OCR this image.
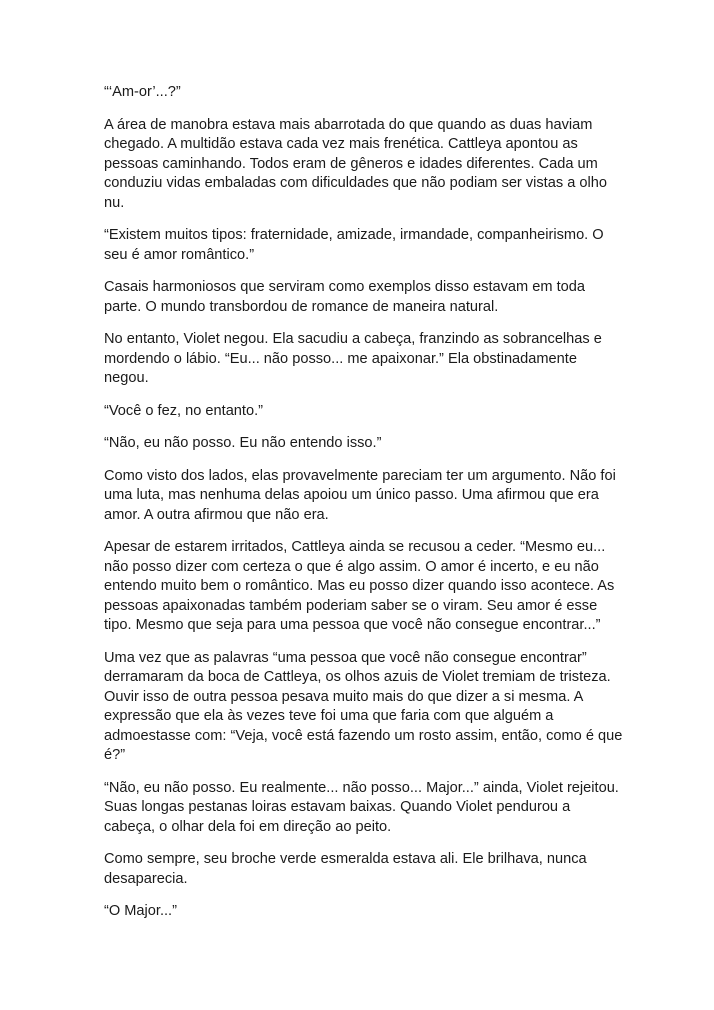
“‘Am-or’...?”

A área de manobra estava mais abarrotada do que quando as duas haviam chegado. A multidão estava cada vez mais frenética. Cattleya apontou as pessoas caminhando. Todos eram de gêneros e idades diferentes. Cada um conduziu vidas embaladas com dificuldades que não podiam ser vistas a olho nu.

“Existem muitos tipos: fraternidade, amizade, irmandade, companheirismo. O seu é amor romântico.”

Casais harmoniosos que serviram como exemplos disso estavam em toda parte. O mundo transbordou de romance de maneira natural.

No entanto, Violet negou. Ela sacudiu a cabeça, franzindo as sobrancelhas e mordendo o lábio. “Eu... não posso... me apaixonar.” Ela obstinadamente negou.

“Você o fez, no entanto.”

“Não, eu não posso. Eu não entendo isso.”

Como visto dos lados, elas provavelmente pareciam ter um argumento. Não foi uma luta, mas nenhuma delas apoiou um único passo. Uma afirmou que era amor. A outra afirmou que não era.

Apesar de estarem irritados, Cattleya ainda se recusou a ceder. “Mesmo eu... não posso dizer com certeza o que é algo assim. O amor é incerto, e eu não entendo muito bem o romântico. Mas eu posso dizer quando isso acontece. As pessoas apaixonadas também poderiam saber se o viram. Seu amor é esse tipo. Mesmo que seja para uma pessoa que você não consegue encontrar...”

Uma vez que as palavras “uma pessoa que você não consegue encontrar” derramaram da boca de Cattleya, os olhos azuis de Violet tremiam de tristeza. Ouvir isso de outra pessoa pesava muito mais do que dizer a si mesma. A expressão que ela às vezes teve foi uma que faria com que alguém a admoestasse com: “Veja, você está fazendo um rosto assim, então, como é que é?”

“Não, eu não posso. Eu realmente... não posso... Major...” ainda, Violet rejeitou. Suas longas pestanas loiras estavam baixas. Quando Violet pendurou a cabeça, o olhar dela foi em direção ao peito.

Como sempre, seu broche verde esmeralda estava ali. Ele brilhava, nunca desaparecia.

“O Major...”
